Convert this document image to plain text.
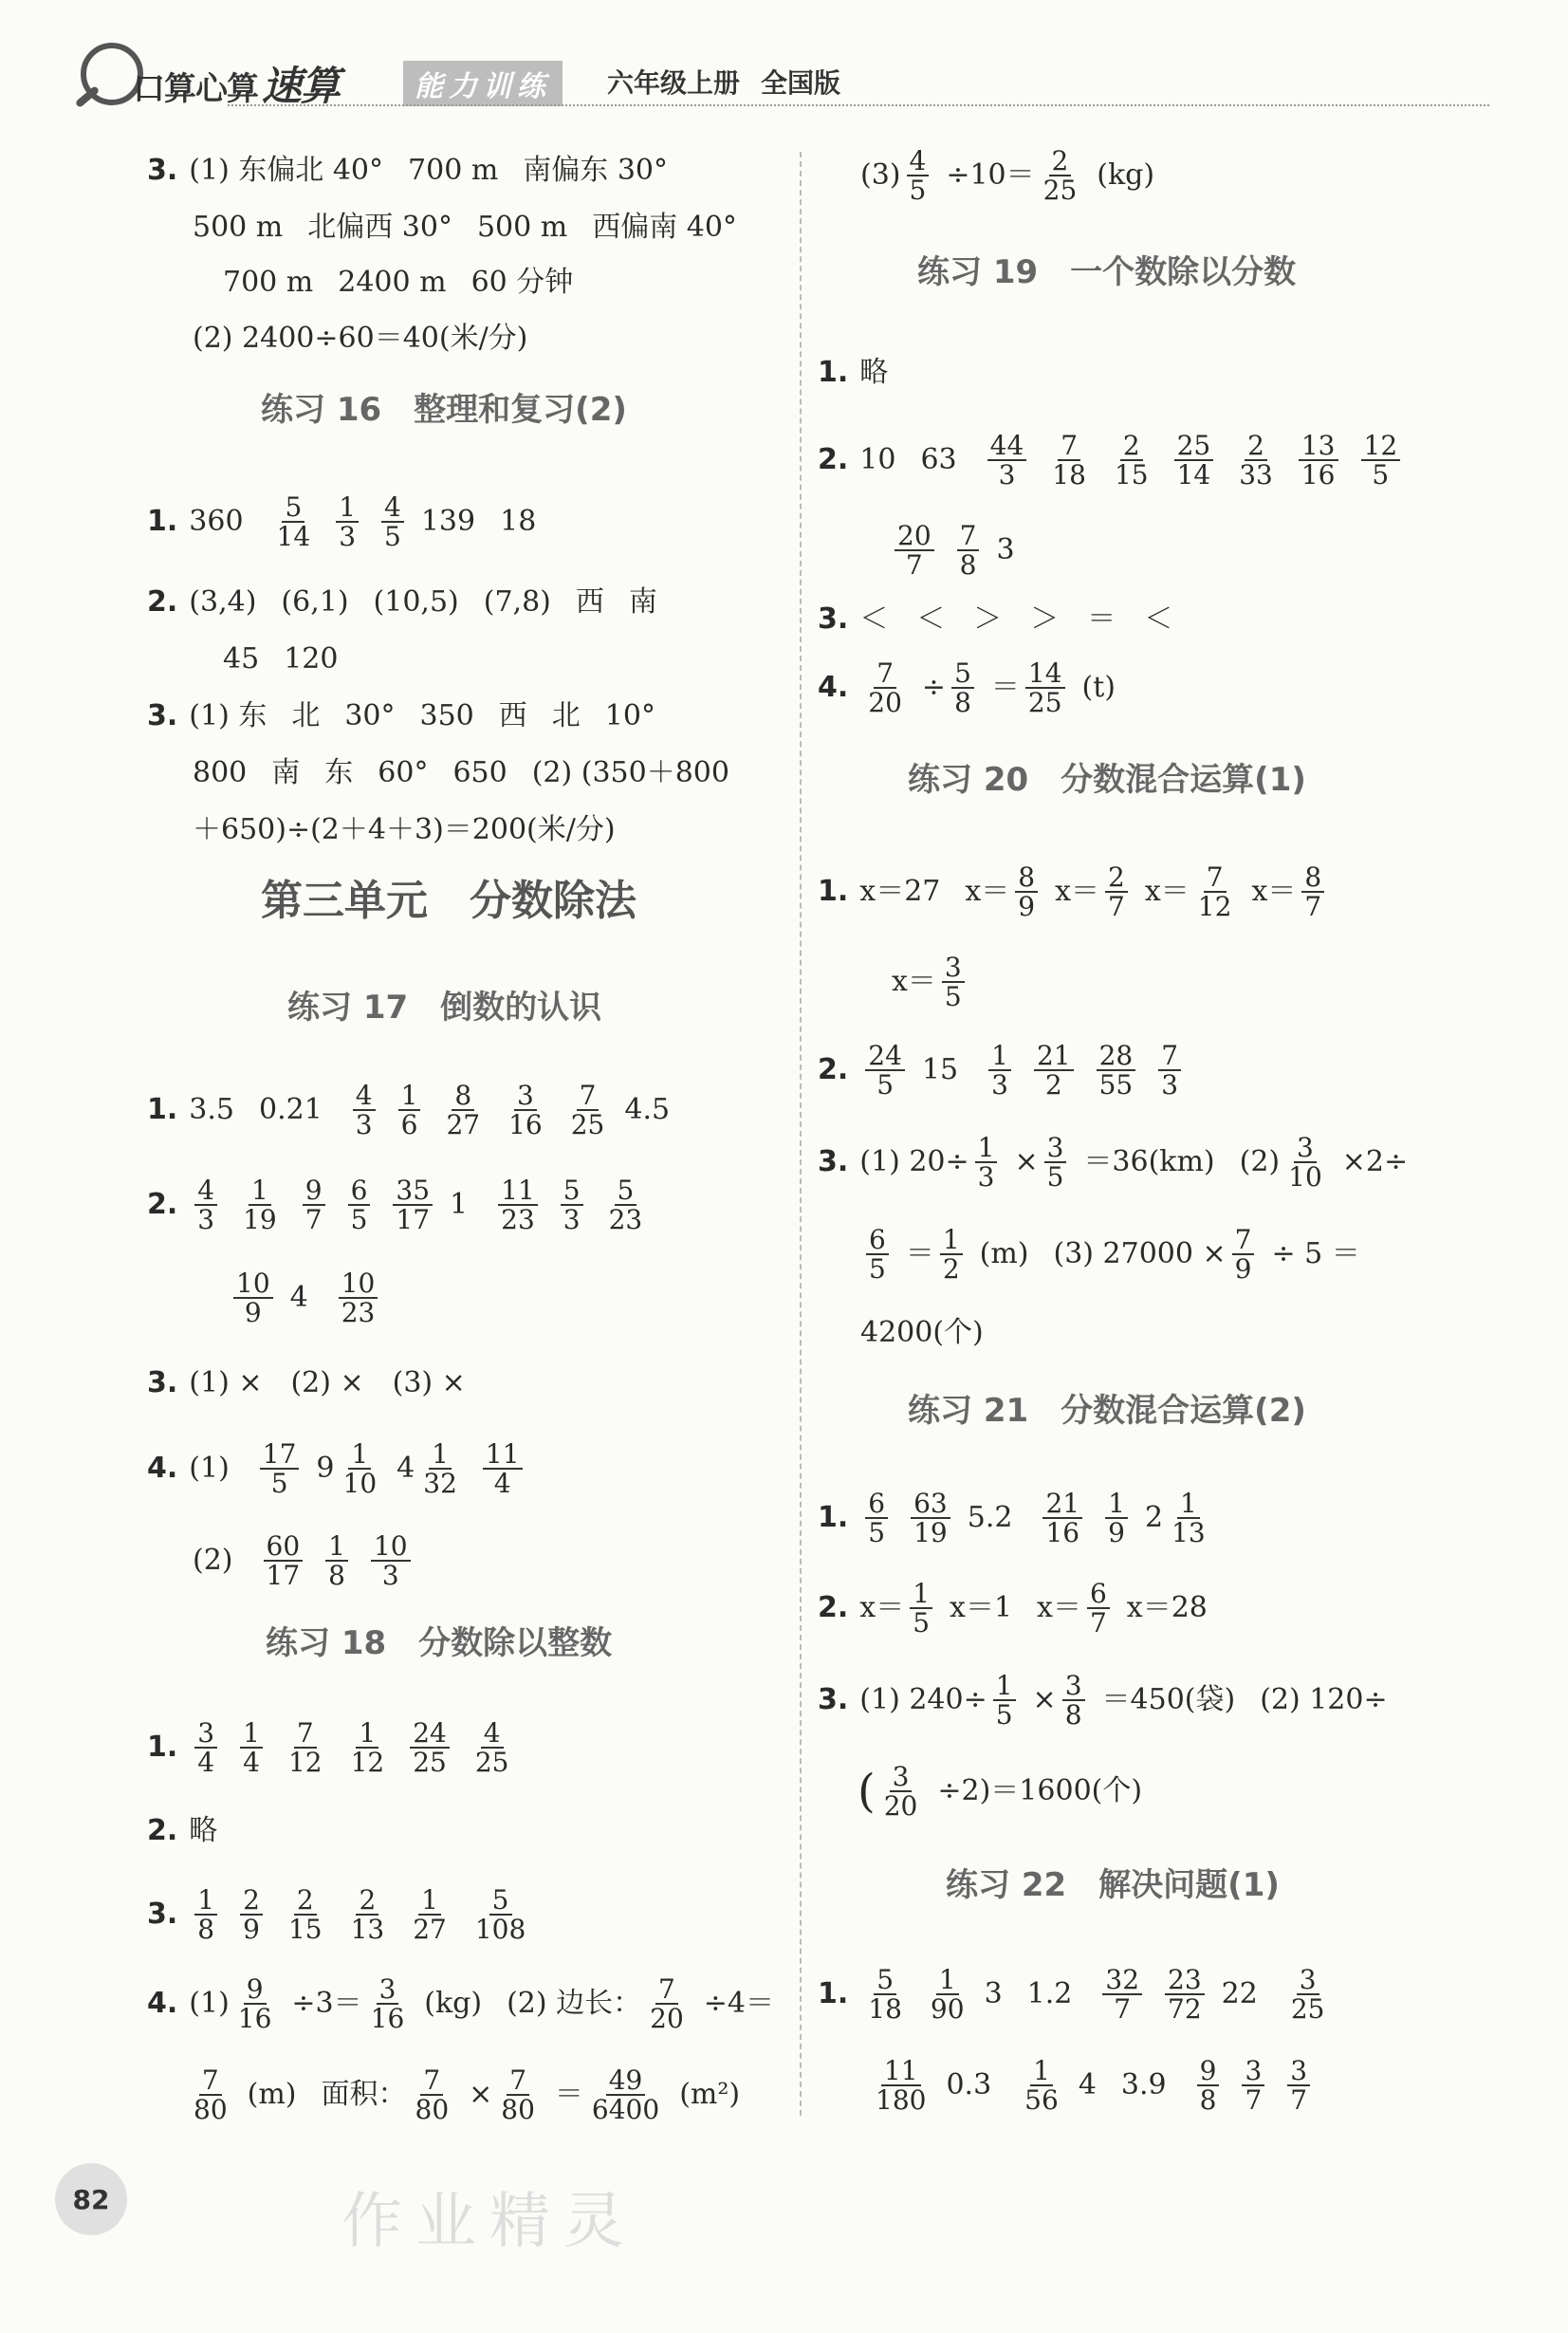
口算心算速算	能力训练	六年级上册 全国版
3. (1) 东偏北 40° 700 m 南偏东 30°
500 m 北偏西 30° 500 m 西偏南 40°
700 m 2400 m 60 分钟
(2) 2400÷60＝40(米/分)
练习 16　整理和复习(2)
1. $360 \frac{5}{14} \frac{1}{3} \frac{4}{5} 139$ 18
2. (3,4) (6,1) (10,5) (7,8) 西 南
45 120
3. (1) 东 北 30° 350 西 北 10°
800 南 东 60° 650 (2) (350＋800
＋650)÷(2＋4＋3)＝200(米/分)
第三单元　分数除法
练习 17　倒数的认识
1. 3.5 $0.21 \frac{4}{3} \frac{1}{6} \frac{8}{27} \frac{3}{16} \frac{7}{25} 4.5$
2. $\frac{4}{3} \frac{1}{19} \frac{9}{7} \frac{6}{5} \frac{35}{17} 1 \frac{11}{23} \frac{5}{3} \frac{5}{23}$
$\frac{10}{9} 4 \frac{10}{23}$
3. (1) ×　(2) ×　(3) ×
4. $(1) \frac{17}{5} 9 \frac{1}{10} 4 \frac{1}{32} \frac{11}{4}$
$(2) \frac{60}{17} \frac{1}{8} \frac{10}{3}$
练习 18　分数除以整数
1. $\frac{3}{4} \frac{1}{4} \frac{7}{12} \frac{1}{12} \frac{24}{25} \frac{4}{25}$
2. 略
3. $\frac{1}{8} \frac{2}{9} \frac{2}{15} \frac{2}{13} \frac{1}{27} \frac{5}{108}$
4. $(1) \frac{9}{16} \div 3= \frac{3}{16} (kg)$ (2) 边长： $\frac{7}{20} \div 4=$
$\frac{7}{80} (m)$ 面积： $\frac{7}{80} \times \frac{7}{80} = \frac{49}{6400} (m^2)$
$(3) \frac{4}{5} \div 10= \frac{2}{25} (kg)$
练习 19　一个数除以分数
1. 略
2. 10 $63 \frac{44}{3} \frac{7}{18} \frac{2}{15} \frac{25}{14} \frac{2}{33} \frac{13}{16} \frac{12}{5}$
$\frac{20}{7} \frac{7}{8} 3$
3. ＜　＜　＞　＞　＝　＜
4. $\frac{7}{20} \div \frac{5}{8} = \frac{14}{25} (t)$
练习 20　分数混合运算(1)
1. x＝27 $x= \frac{8}{9} x= \frac{2}{7} x= \frac{7}{12} x= \frac{8}{7}$
$x= \frac{3}{5}$
2. $\frac{24}{5} 15 \frac{1}{3} \frac{21}{2} \frac{28}{55} \frac{7}{3}$
3. (1) $20\div \frac{1}{3} \times \frac{3}{5} =36(km)$ $(2) \frac{3}{10} \times 2\div$
$\frac{6}{5} = \frac{1}{2} (m)$ (3) $27000 \times \frac{7}{9} \div 5$ ＝
4200(个)
练习 21　分数混合运算(2)
1. $\frac{6}{5} \frac{63}{19} 5.2 \frac{21}{16} \frac{1}{9} 2 \frac{1}{13}$
2. $x= \frac{1}{5} x=1$ $x= \frac{6}{7} x=28$
3. (1) $240\div \frac{1}{5} \times \frac{3}{8} =450$(袋) (2) 120÷
( $\frac{3}{20} \div 2)=1600$(个)
练习 22　解决问题(1)
1. $\frac{5}{18} \frac{1}{90} 3$ $1.2 \frac{32}{7} \frac{23}{72} 22 \frac{3}{25}$
$\frac{11}{180} 0.3 \frac{1}{56} 4$ $3.9 \frac{9}{8} \frac{3}{7} \frac{3}{7}$
82	作业精灵
